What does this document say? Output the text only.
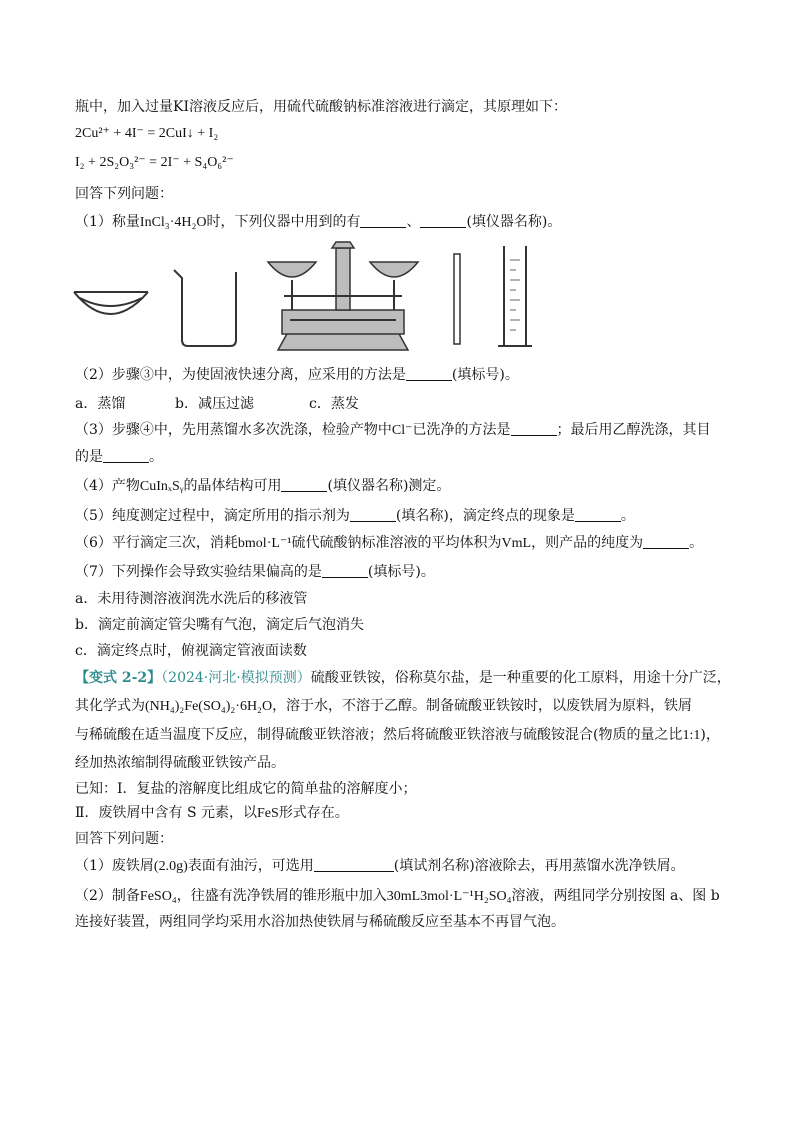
瓶中，加入过量KI溶液反应后，用硫代硫酸钠标准溶液进行滴定，其原理如下：
2Cu²⁺ + 4I⁻ = 2CuI↓ + I₂
I₂ + 2S₂O₃²⁻ = 2I⁻ + S₄O₆²⁻
回答下列问题：
（1）称量InCl₃·4H₂O时，下列仪器中用到的有	、	(填仪器名称)。
（2）步骤③中，为使固液快速分离，应采用的方法是	(填标号)。
a．蒸馏	b．减压过滤	c．蒸发
（3）步骤④中，先用蒸馏水多次洗涤，检验产物中Cl⁻已洗净的方法是	；最后用乙醇洗涤，其目
的是	。
（4）产物CuInₓSᵧ的晶体结构可用	(填仪器名称)测定。
（5）纯度测定过程中，滴定所用的指示剂为	(填名称)，滴定终点的现象是	。
（6）平行滴定三次，消耗bmol·L⁻¹硫代硫酸钠标准溶液的平均体积为VmL，则产品的纯度为	。
（7）下列操作会导致实验结果偏高的是	(填标号)。
a．未用待测溶液润洗水洗后的移液管
b．滴定前滴定管尖嘴有气泡，滴定后气泡消失
c．滴定终点时，俯视滴定管液面读数
【变式 2-2】（2024·河北·模拟预测）硫酸亚铁铵，俗称莫尔盐，是一种重要的化工原料，用途十分广泛，
其化学式为(NH₄)₂Fe(SO₄)₂·6H₂O，溶于水，不溶于乙醇。制备硫酸亚铁铵时，以废铁屑为原料，铁屑
与稀硫酸在适当温度下反应，制得硫酸亚铁溶液；然后将硫酸亚铁溶液与硫酸铵混合(物质的量之比1:1)，
经加热浓缩制得硫酸亚铁铵产品。
已知：Ⅰ．复盐的溶解度比组成它的简单盐的溶解度小；
Ⅱ．废铁屑中含有 S 元素，以FeS形式存在。
回答下列问题：
（1）废铁屑(2.0g)表面有油污，可选用	(填试剂名称)溶液除去，再用蒸馏水洗净铁屑。
（2）制备FeSO₄，往盛有洗净铁屑的锥形瓶中加入30mL3mol·L⁻¹H₂SO₄溶液，两组同学分别按图 a、图 b
连接好装置，两组同学均采用水浴加热使铁屑与稀硫酸反应至基本不再冒气泡。
